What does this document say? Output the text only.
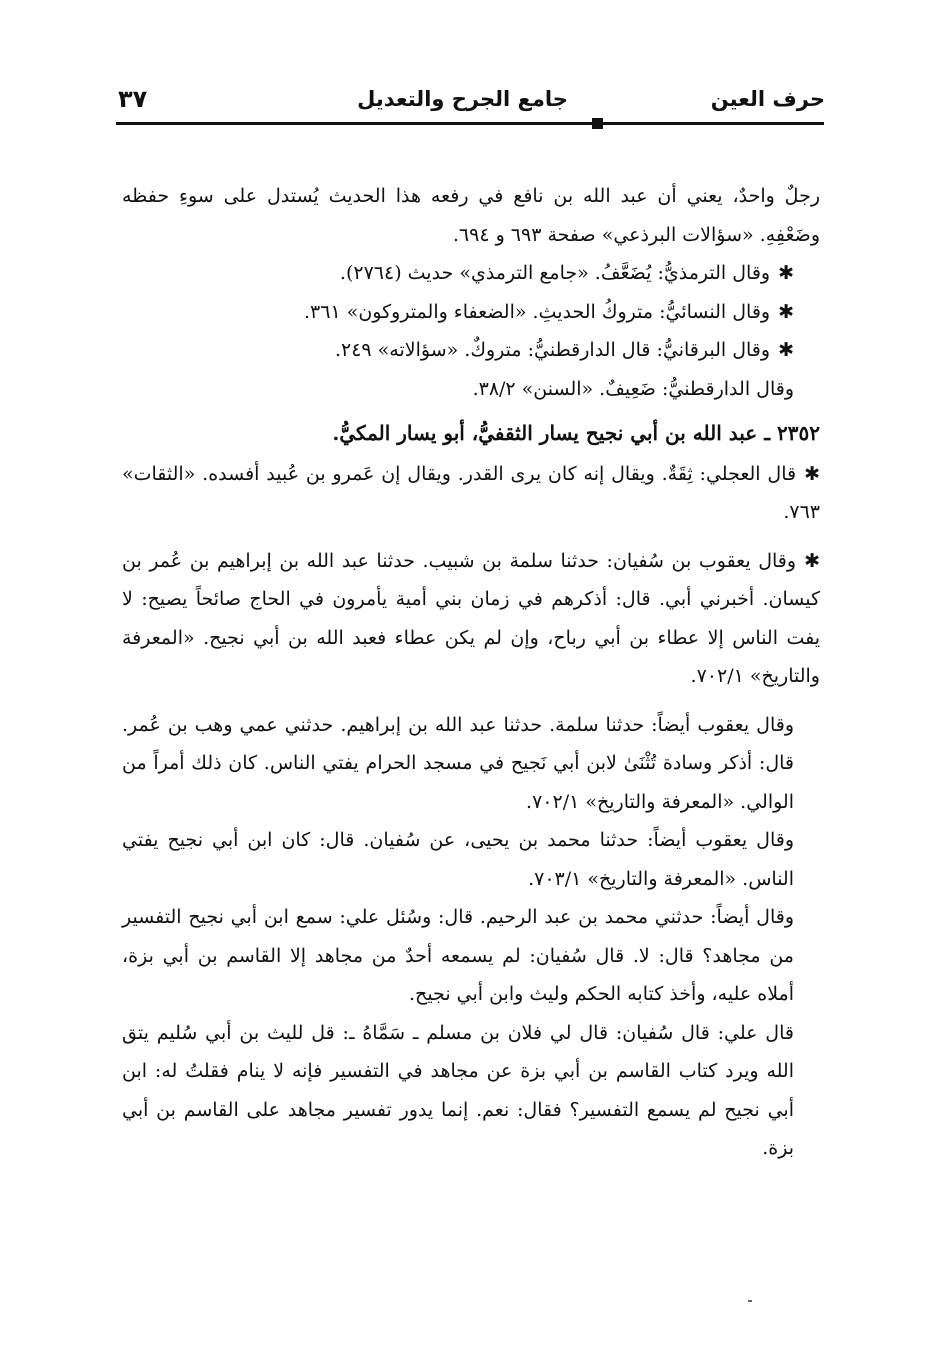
٣٧	جامع الجرح والتعديل	حرف العين

رجلٌ واحدٌ، يعني أن عبد الله بن نافع في رفعه هذا الحديث يُستدل على سوءِ حفظه وضَعْفِهِ. «سؤالات البرذعي» صفحة ٦٩٣ و ٦٩٤.

✱وقال الترمذيُّ: يُضَعَّفُ. «جامع الترمذي» حديث (٢٧٦٤).

✱وقال النسائيُّ: متروكُ الحديثِ. «الضعفاء والمتروكون» ٣٦١.

✱وقال البرقانيُّ: قال الدارقطنيُّ: متروكٌ. «سؤالاته» ٢٤٩.

وقال الدارقطنيُّ: ضَعِيفٌ. «السنن» ٣٨/٢.

٢٣٥٢ ـ عبد الله بن أبي نجيح يسار الثقفيُّ، أبو يسار المكيُّ.

✱قال العجلي: ثِقَةٌ. ويقال إنه كان يرى القدر. ويقال إن عَمرو بن عُبيد أفسده. «الثقات» ٧٦٣.

✱وقال يعقوب بن سُفيان: حدثنا سلمة بن شبيب. حدثنا عبد الله بن إبراهيم بن عُمر بن كيسان. أخبرني أبي. قال: أذكرهم في زمان بني أمية يأمرون في الحاج صائحاً يصيح: لا يفت الناس إلا عطاء بن أبي رباح، وإن لم يكن عطاء فعبد الله بن أبي نجيح. «المعرفة والتاريخ» ٧٠٢/١.

وقال يعقوب أيضاً: حدثنا سلمة. حدثنا عبد الله بن إبراهيم. حدثني عمي وهب بن عُمر. قال: أذكر وسادة تُثْنَىٰ لابن أبي نَجيح في مسجد الحرام يفتي الناس. كان ذلك أمراً من الوالي. «المعرفة والتاريخ» ٧٠٢/١.

وقال يعقوب أيضاً: حدثنا محمد بن يحيى، عن سُفيان. قال: كان ابن أبي نجيح يفتي الناس. «المعرفة والتاريخ» ٧٠٣/١.

وقال أيضاً: حدثني محمد بن عبد الرحيم. قال: وسُئل علي: سمع ابن أبي نجيح التفسير من مجاهد؟ قال: لا. قال سُفيان: لم يسمعه أحدٌ من مجاهد إلا القاسم بن أبي بزة، أملاه عليه، وأخذ كتابه الحكم وليث وابن أبي نجيح.

قال علي: قال سُفيان: قال لي فلان بن مسلم ـ سَمَّاهُ ـ: قل لليث بن أبي سُليم يتق الله ويرد كتاب القاسم بن أبي بزة عن مجاهد في التفسير فإنه لا ينام فقلتُ له: ابن أبي نجيح لم يسمع التفسير؟ فقال: نعم. إنما يدور تفسير مجاهد على القاسم بن أبي بزة.
